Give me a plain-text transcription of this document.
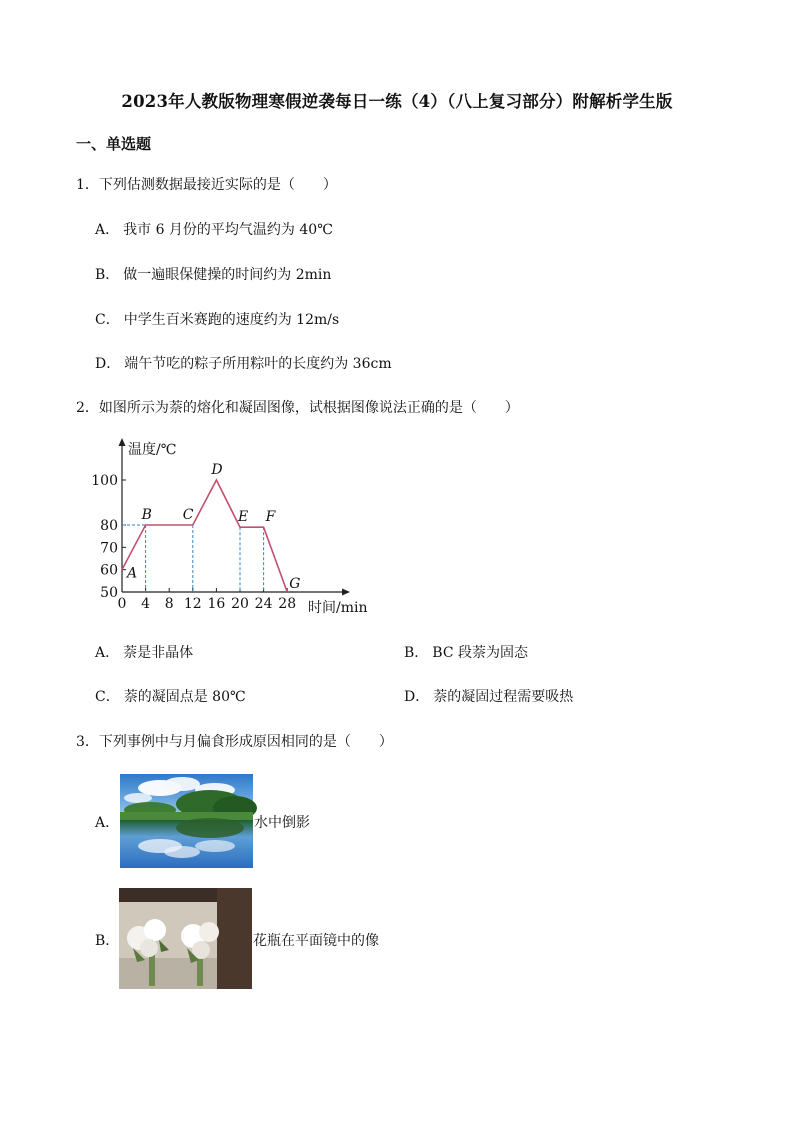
2023年人教版物理寒假逆袭每日一练（4）（八上复习部分）附解析学生版
一、单选题
1．下列估测数据最接近实际的是（　　）
A． 我市 6 月份的平均气温约为 40℃
B． 做一遍眼保健操的时间约为 2min
C． 中学生百米赛跑的速度约为 12m/s
D． 端午节吃的粽子所用粽叶的长度约为 36cm
2．如图所示为萘的熔化和凝固图像，试根据图像说法正确的是（　　）
温度/℃
时间/min
50
60
70
80
100
0 4 8 12 16 20 24 28
A
B C
D
E F
G
A． 萘是非晶体	B． BC 段萘为固态
C． 萘的凝固点是 80℃	D． 萘的凝固过程需要吸热
3．下列事例中与月偏食形成原因相同的是（　　）
A．	水中倒影
B．	花瓶在平面镜中的像
